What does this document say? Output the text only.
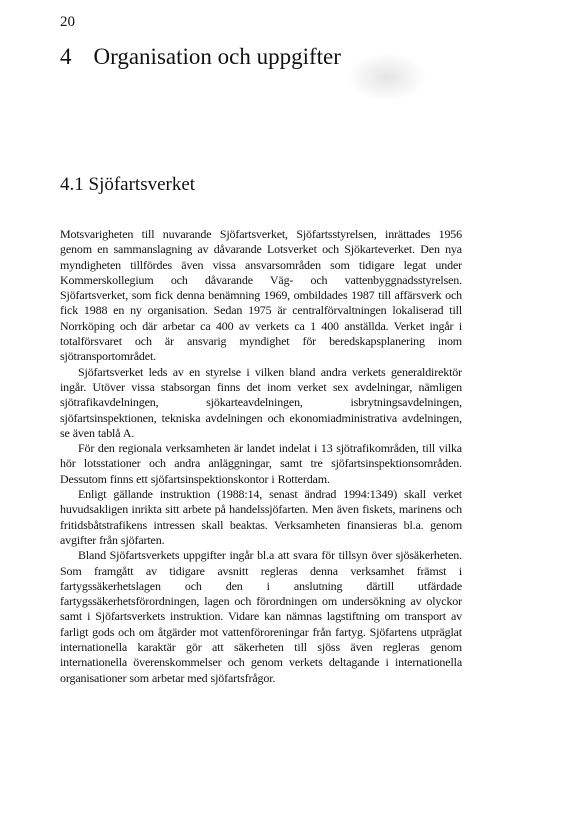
20
4 Organisation och uppgifter
4.1 Sjöfartsverket

Motsvarigheten till nuvarande Sjöfartsverket, Sjöfartsstyrelsen, inrättades 1956 genom en sammanslagning av dåvarande Lotsverket och Sjökarteverket. Den nya myndigheten tillfördes även vissa ansvarsområden som tidigare legat under Kommerskollegium och dåvarande Väg- och vattenbyggnadsstyrelsen. Sjöfartsverket, som fick denna benämning 1969, ombildades 1987 till affärsverk och fick 1988 en ny organisation. Sedan 1975 är centralförvaltningen lokaliserad till Norrköping och där arbetar ca 400 av verkets ca 1 400 anställda. Verket ingår i totalförsvaret och är ansvarig myndighet för beredskapsplanering inom sjötransportområdet.

Sjöfartsverket leds av en styrelse i vilken bland andra verkets generaldirektör ingår. Utöver vissa stabsorgan finns det inom verket sex avdelningar, nämligen sjötrafikavdelningen, sjökarteavdelningen, isbrytningsavdelningen, sjöfartsinspektionen, tekniska avdelningen och ekonomiadministrativa avdelningen, se även tablå A.

För den regionala verksamheten är landet indelat i 13 sjötrafikområden, till vilka hör lotsstationer och andra anläggningar, samt tre sjöfartsinspektionsområden. Dessutom finns ett sjöfartsinspektionskontor i Rotterdam.

Enligt gällande instruktion (1988:14, senast ändrad 1994:1349) skall verket huvudsakligen inrikta sitt arbete på handelssjöfarten. Men även fiskets, marinens och fritidsbåtstrafikens intressen skall beaktas. Verksamheten finansieras bl.a. genom avgifter från sjöfarten.

Bland Sjöfartsverkets uppgifter ingår bl.a att svara för tillsyn över sjösäkerheten. Som framgått av tidigare avsnitt regleras denna verksamhet främst i fartygssäkerhetslagen och den i anslutning därtill utfärdade fartygssäkerhetsförordningen, lagen och förordningen om undersökning av olyckor samt i Sjöfartsverkets instruktion. Vidare kan nämnas lagstiftning om transport av farligt gods och om åtgärder mot vattenföroreningar från fartyg. Sjöfartens utpräglat internationella karaktär gör att säkerheten till sjöss även regleras genom internationella överenskommelser och genom verkets deltagande i internationella organisationer som arbetar med sjöfartsfrågor.
